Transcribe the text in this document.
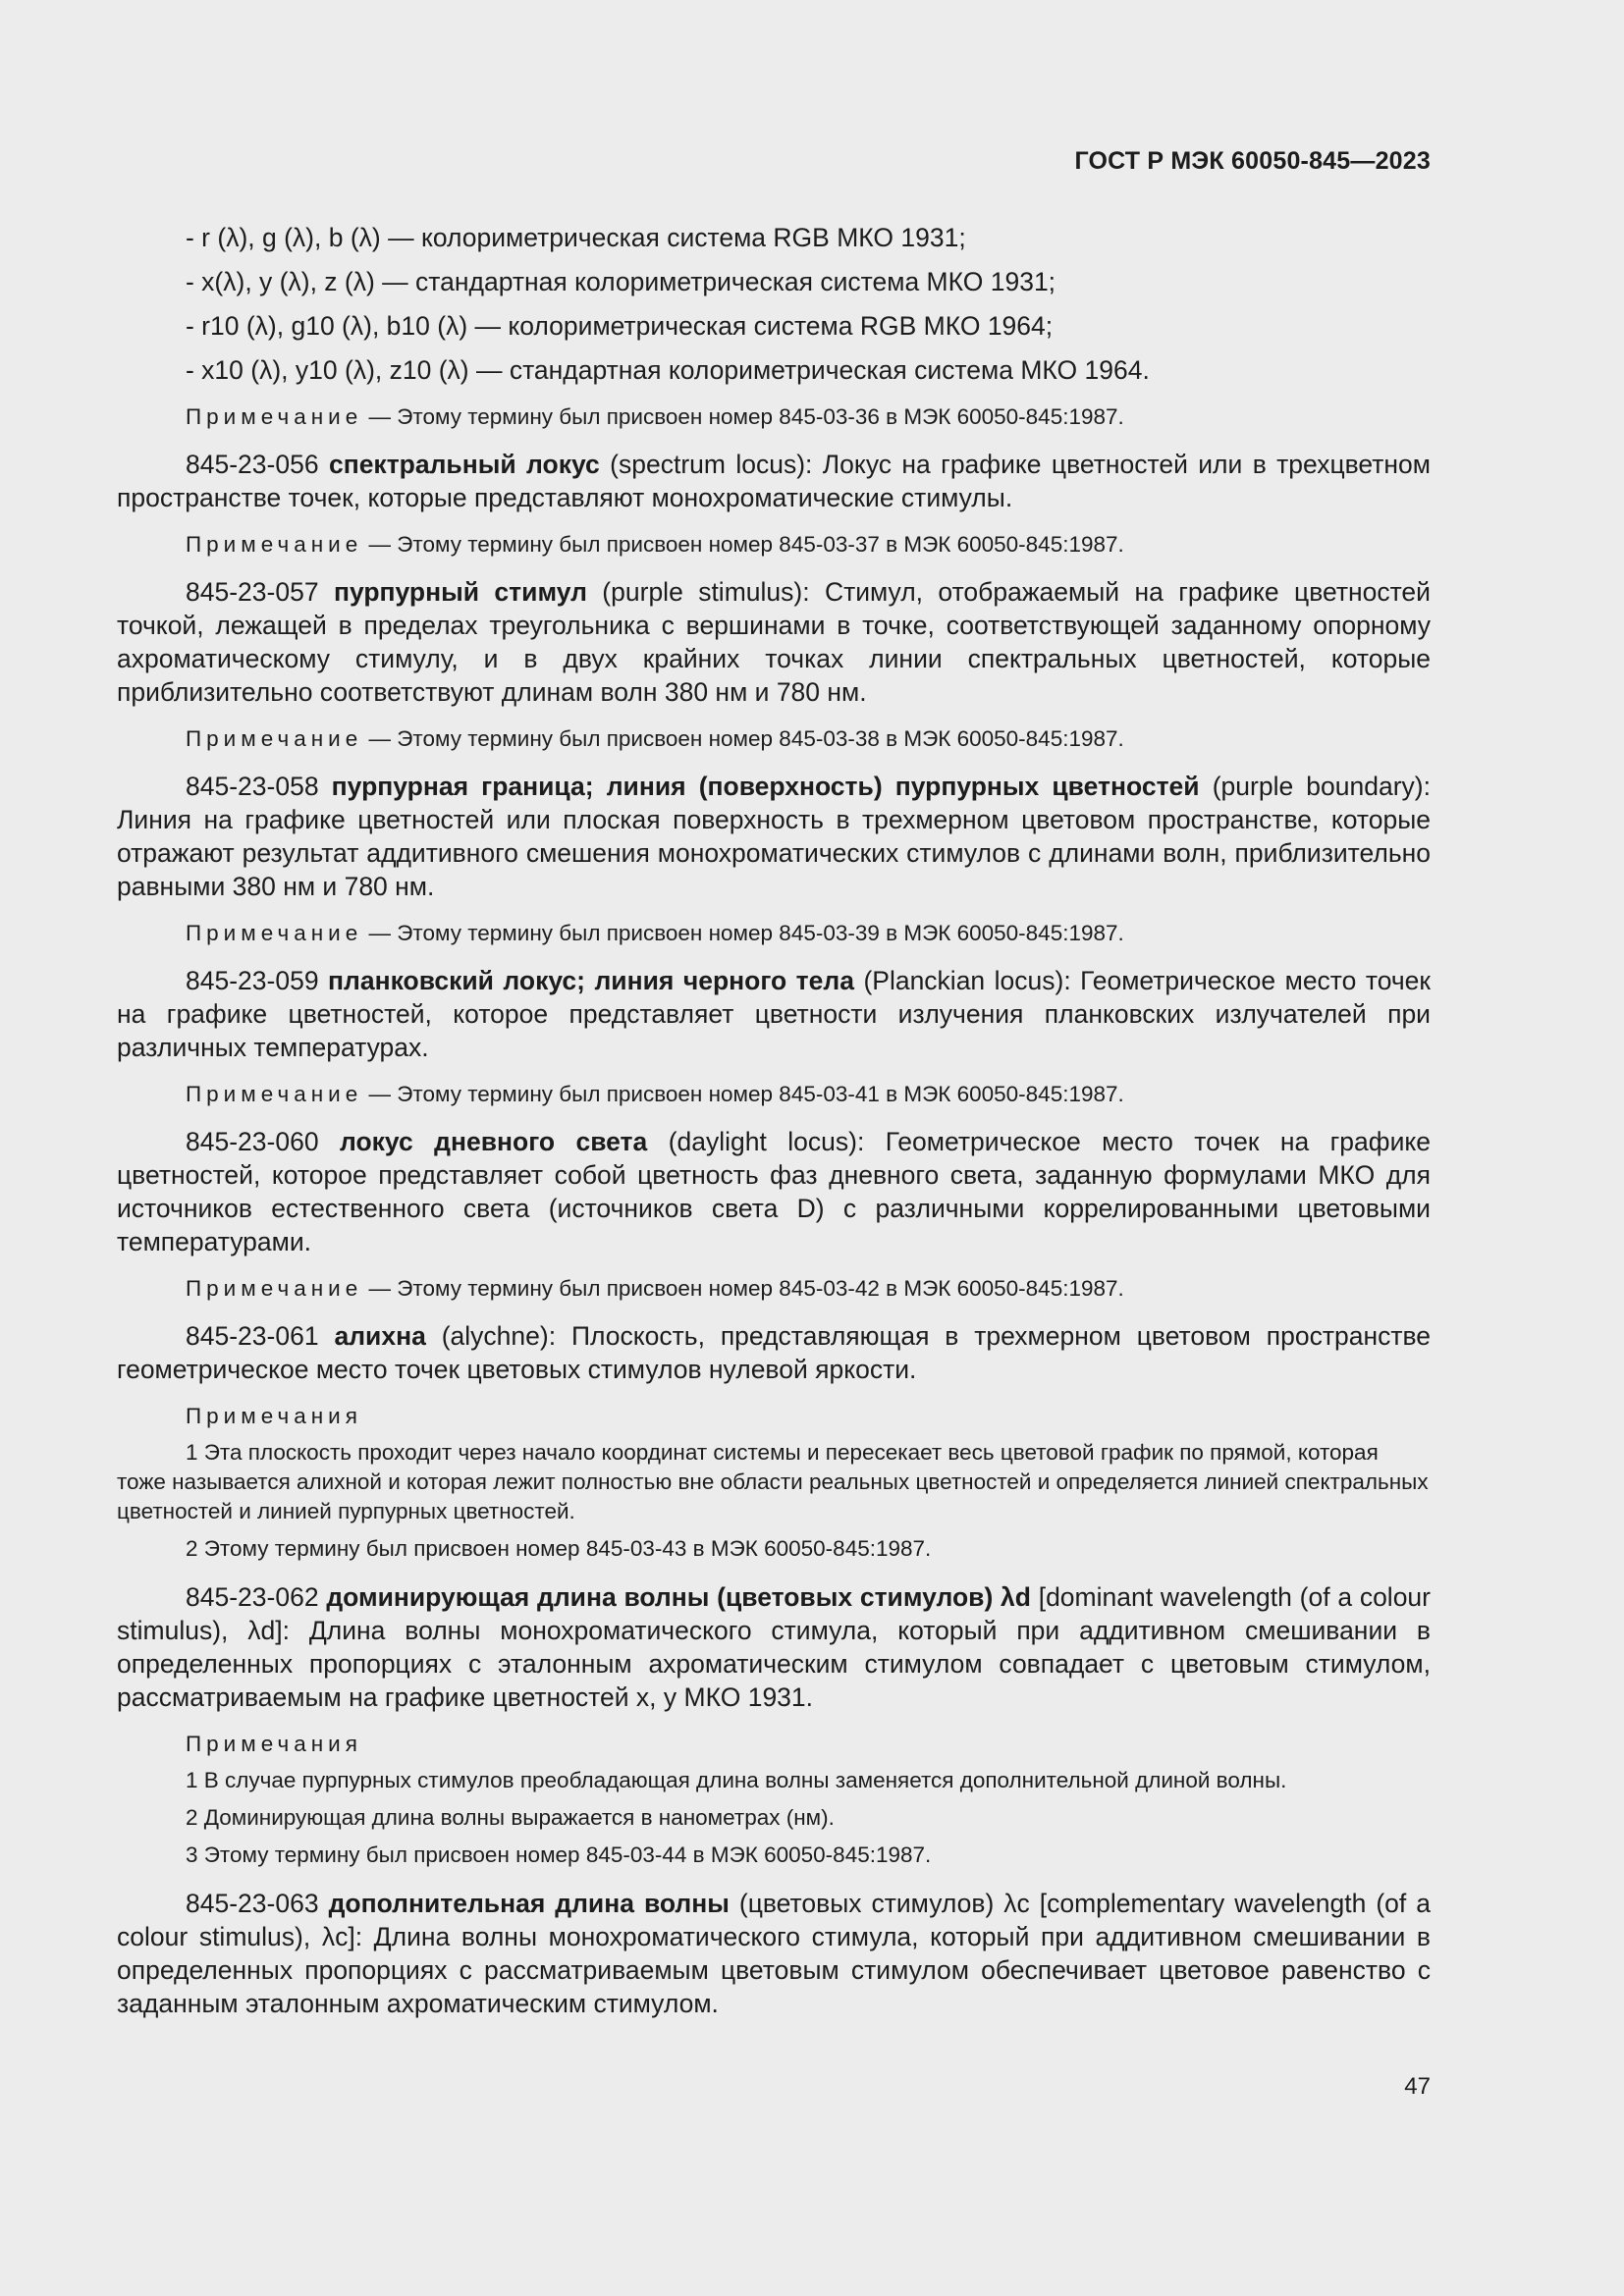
ГОСТ Р МЭК 60050-845—2023
- r (λ), g (λ), b (λ) — колориметрическая система RGB МКО 1931;
- x(λ), y (λ), z (λ) — стандартная колориметрическая система МКО 1931;
- r10 (λ), g10 (λ), b10 (λ) — колориметрическая система RGB МКО 1964;
- x10 (λ), y10 (λ), z10 (λ) — стандартная колориметрическая система МКО 1964.
Примечание — Этому термину был присвоен номер 845-03-36 в МЭК 60050-845:1987.

845-23-056 спектральный локус (spectrum locus): Локус на графике цветностей или в трехцветном пространстве точек, которые представляют монохроматические стимулы.

Примечание — Этому термину был присвоен номер 845-03-37 в МЭК 60050-845:1987.

845-23-057 пурпурный стимул (purple stimulus): Стимул, отображаемый на графике цветностей точкой, лежащей в пределах треугольника с вершинами в точке, соответствующей заданному опорному ахроматическому стимулу, и в двух крайних точках линии спектральных цветностей, которые приблизительно соответствуют длинам волн 380 нм и 780 нм.

Примечание — Этому термину был присвоен номер 845-03-38 в МЭК 60050-845:1987.

845-23-058 пурпурная граница; линия (поверхность) пурпурных цветностей (purple boundary): Линия на графике цветностей или плоская поверхность в трехмерном цветовом пространстве, которые отражают результат аддитивного смешения монохроматических стимулов с длинами волн, приблизительно равными 380 нм и 780 нм.

Примечание — Этому термину был присвоен номер 845-03-39 в МЭК 60050-845:1987.

845-23-059 планковский локус; линия черного тела (Planckian locus): Геометрическое место точек на графике цветностей, которое представляет цветности излучения планковских излучателей при различных температурах.

Примечание — Этому термину был присвоен номер 845-03-41 в МЭК 60050-845:1987.

845-23-060 локус дневного света (daylight locus): Геометрическое место точек на графике цветностей, которое представляет собой цветность фаз дневного света, заданную формулами МКО для источников естественного света (источников света D) с различными коррелированными цветовыми температурами.

Примечание — Этому термину был присвоен номер 845-03-42 в МЭК 60050-845:1987.

845-23-061 алихна (alychne): Плоскость, представляющая в трехмерном цветовом пространстве геометрическое место точек цветовых стимулов нулевой яркости.

Примечания

1 Эта плоскость проходит через начало координат системы и пересекает весь цветовой график по прямой, которая тоже называется алихной и которая лежит полностью вне области реальных цветностей и определяется линией спектральных цветностей и линией пурпурных цветностей.

2 Этому термину был присвоен номер 845-03-43 в МЭК 60050-845:1987.

845-23-062 доминирующая длина волны (цветовых стимулов) λd [dominant wavelength (of a colour stimulus), λd]: Длина волны монохроматического стимула, который при аддитивном смешивании в определенных пропорциях с эталонным ахроматическим стимулом совпадает с цветовым стимулом, рассматриваемым на графике цветностей x, y МКО 1931.

Примечания

1 В случае пурпурных стимулов преобладающая длина волны заменяется дополнительной длиной волны.

2 Доминирующая длина волны выражается в нанометрах (нм).

3 Этому термину был присвоен номер 845-03-44 в МЭК 60050-845:1987.

845-23-063 дополнительная длина волны (цветовых стимулов) λc [complementary wavelength (of a colour stimulus), λc]: Длина волны монохроматического стимула, который при аддитивном смешивании в определенных пропорциях с рассматриваемым цветовым стимулом обеспечивает цветовое равенство с заданным эталонным ахроматическим стимулом.

47
